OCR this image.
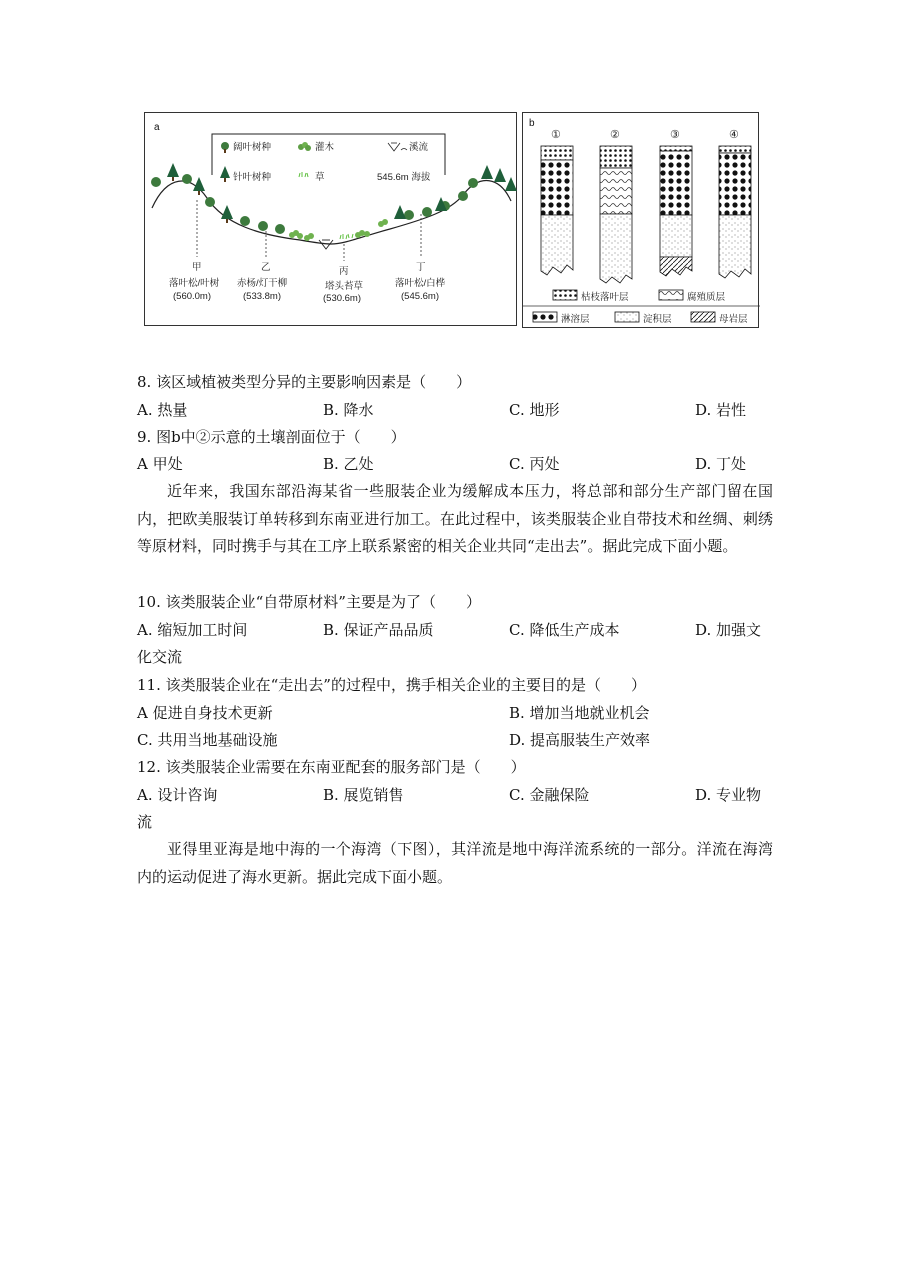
a
阔叶树种	灌木	溪流
针叶树种	草	545.6m 海拔
甲
落叶松/叶树
(560.0m)
乙
赤杨/灯干柳
(533.8m)
丙
塔头苔草
(530.6m)
丁
落叶松/白桦
(545.6m)
b
①	②	③	④
枯枝落叶层	腐殖质层
淋溶层	淀积层	母岩层
8. 该区域植被类型分异的主要影响因素是（　　）
A. 热量	B. 降水	C. 地形	D. 岩性
9. 图b中②示意的土壤剖面位于（　　）
A 甲处	B. 乙处	C. 丙处	D. 丁处
近年来，我国东部沿海某省一些服装企业为缓解成本压力，将总部和部分生产部门留在国内，把欧美服装订单转移到东南亚进行加工。在此过程中，该类服装企业自带技术和丝绸、刺绣等原材料，同时携手与其在工序上联系紧密的相关企业共同“走出去”。据此完成下面小题。
10. 该类服装企业“自带原材料”主要是为了（　　）
A. 缩短加工时间	B. 保证产品品质	C. 降低生产成本	D. 加强文
化交流
11. 该类服装企业在“走出去”的过程中，携手相关企业的主要目的是（　　）
A 促进自身技术更新	B. 增加当地就业机会
C. 共用当地基础设施	D. 提高服装生产效率
12. 该类服装企业需要在东南亚配套的服务部门是（　　）
A. 设计咨询	B. 展览销售	C. 金融保险	D. 专业物
流
亚得里亚海是地中海的一个海湾（下图），其洋流是地中海洋流系统的一部分。洋流在海湾内的运动促进了海水更新。据此完成下面小题。
